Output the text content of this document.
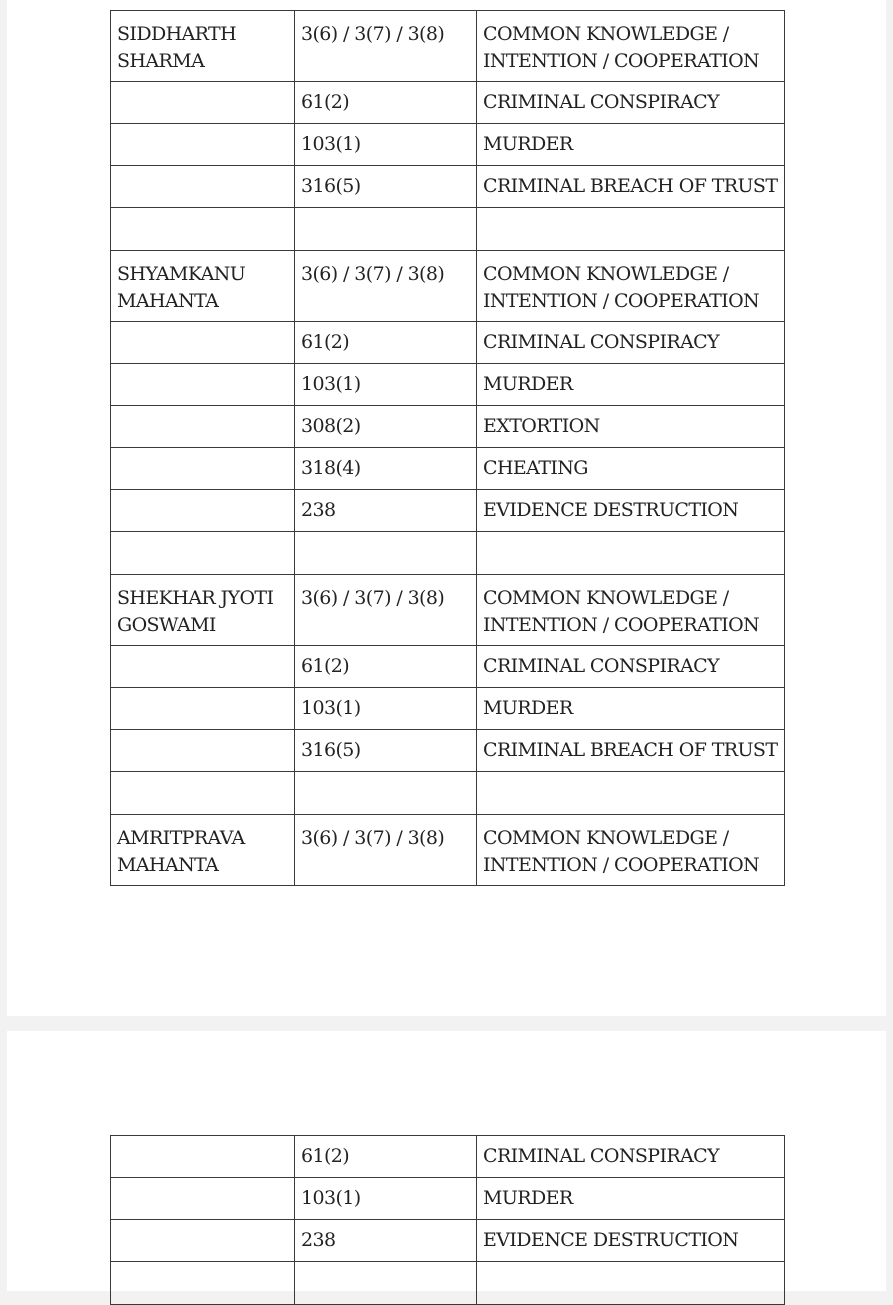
SIDDHARTH
SHARMA	3(6) / 3(7) / 3(8)	COMMON KNOWLEDGE /
INTENTION / COOPERATION

	61(2)	CRIMINAL CONSPIRACY

	103(1)	MURDER

	316(5)	CRIMINAL BREACH OF TRUST

SHYAMKANU
MAHANTA	3(6) / 3(7) / 3(8)	COMMON KNOWLEDGE /
INTENTION / COOPERATION

	61(2)	CRIMINAL CONSPIRACY

	103(1)	MURDER

	308(2)	EXTORTION

	318(4)	CHEATING

	238	EVIDENCE DESTRUCTION

SHEKHAR JYOTI
GOSWAMI	3(6) / 3(7) / 3(8)	COMMON KNOWLEDGE /
INTENTION / COOPERATION

	61(2)	CRIMINAL CONSPIRACY

	103(1)	MURDER

	316(5)	CRIMINAL BREACH OF TRUST

AMRITPRAVA
MAHANTA	3(6) / 3(7) / 3(8)	COMMON KNOWLEDGE /
INTENTION / COOPERATION

	61(2)	CRIMINAL CONSPIRACY

	103(1)	MURDER

	238	EVIDENCE DESTRUCTION
